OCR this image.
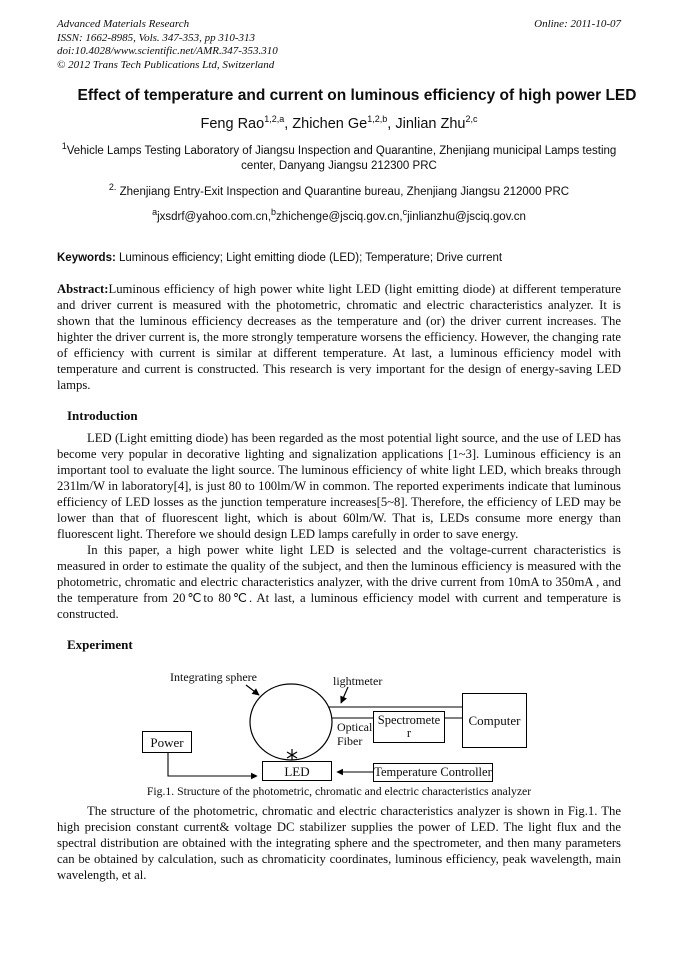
Advanced Materials Research
ISSN: 1662-8985, Vols. 347-353, pp 310-313
doi:10.4028/www.scientific.net/AMR.347-353.310
© 2012 Trans Tech Publications Ltd, Switzerland
Online: 2011-10-07
Effect of temperature and current on luminous efficiency of high power LED
Feng Rao$^{1,2,a}$, Zhichen Ge$^{1,2,b}$, Jinlian Zhu$^{2,c}$
$^1$Vehicle Lamps Testing Laboratory of Jiangsu Inspection and Quarantine, Zhenjiang municipal Lamps testing center, Danyang Jiangsu 212300 PRC
$^{2.}$ Zhenjiang Entry-Exit Inspection and Quarantine bureau, Zhenjiang Jiangsu 212000 PRC
$^a$jxsdrf@yahoo.com.cn,$^b$zhichenge@jsciq.gov.cn,$^c$jinlianzhu@jsciq.gov.cn
Keywords: Luminous efficiency; Light emitting diode (LED); Temperature; Drive current

Abstract:Luminous efficiency of high power white light LED (light emitting diode) at different temperature and driver current is measured with the photometric, chromatic and electric characteristics analyzer. It is shown that the luminous efficiency decreases as the temperature and (or) the driver current increases. The highter the driver current is, the more strongly temperature worsens the efficiency. However, the changing rate of efficiency with current is similar at different temperature. At last, a luminous efficiency model with temperature and current is constructed. This research is very important for the design of energy-saving LED lamps.

Introduction

LED (Light emitting diode) has been regarded as the most potential light source, and the use of LED has become very popular in decorative lighting and signalization applications [1~3]. Luminous efficiency is an important tool to evaluate the light source. The luminous efficiency of white light LED, which breaks through 231lm/W in laboratory[4], is just 80 to 100lm/W in common. The reported experiments indicate that luminous efficiency of LED losses as the junction temperature increases[5~8]. Therefore, the efficiency of LED may be lower than that of fluorescent light, which is about 60lm/W. That is, LEDs consume more energy than fluorescent light. Therefore we should design LED lamps carefully in order to save energy.

In this paper, a high power white light LED is selected and the voltage-current characteristics is measured in order to estimate the quality of the subject, and then the luminous efficiency is measured with the photometric, chromatic and electric characteristics analyzer, with the drive current from 10mA to 350mA , and the temperature from 20℃to 80℃. At last, a luminous efficiency model with current and temperature is constructed.

Experiment
Integrating sphere	lightmeter
Optical
Fiber
Power
LED
Spectromete
r
Computer
Temperature Controller
Fig.1. Structure of the photometric, chromatic and electric characteristics analyzer

The structure of the photometric, chromatic and electric characteristics analyzer is shown in Fig.1. The high precision constant current& voltage DC stabilizer supplies the power of LED. The light flux and the spectral distribution are obtained with the integrating sphere and the spectrometer, and then many parameters can be obtained by calculation, such as chromaticity coordinates, luminous efficiency, peak wavelength, main wavelength, et al.
